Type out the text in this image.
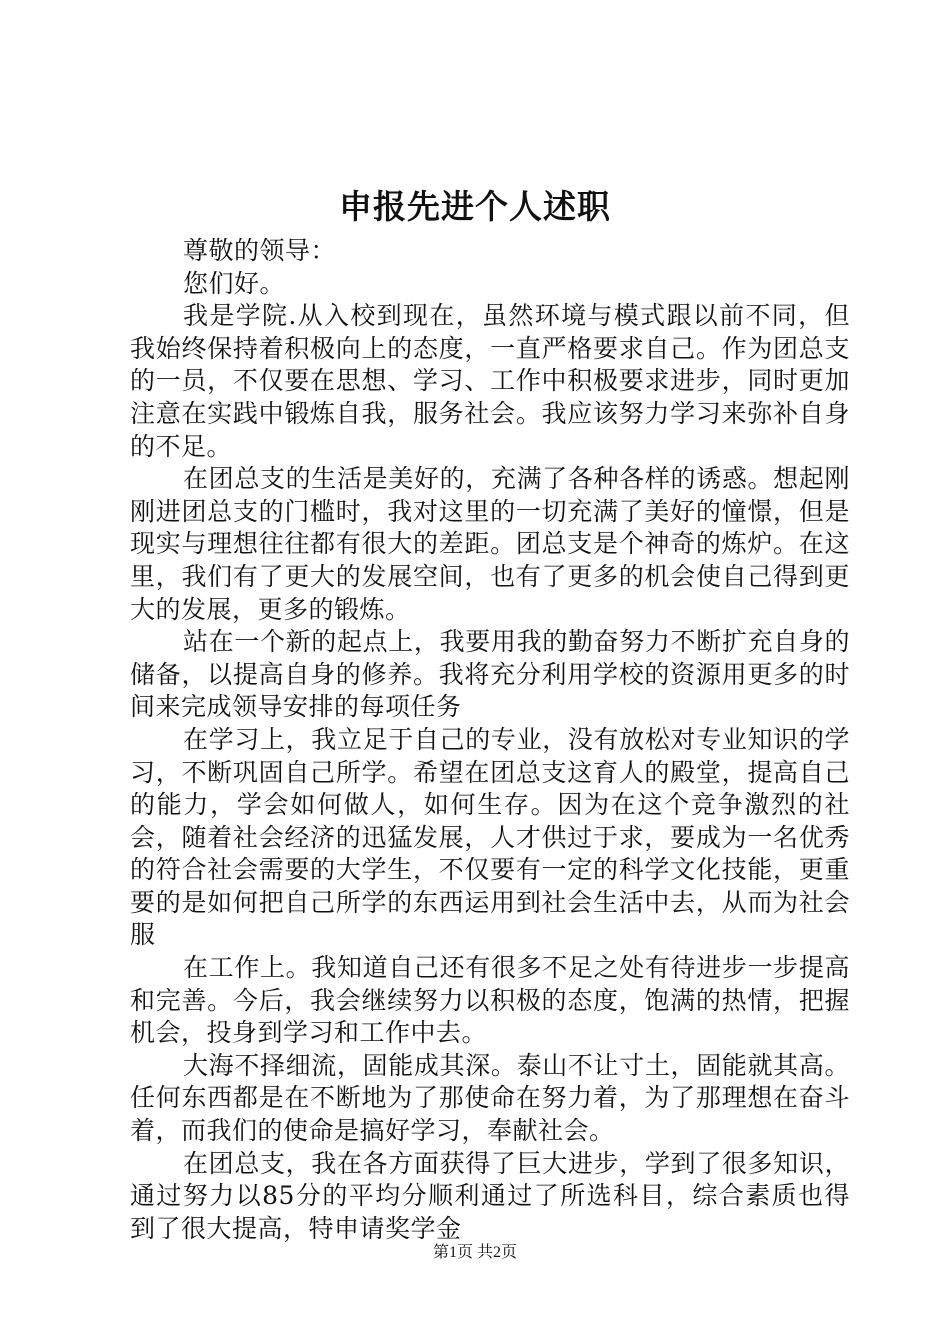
申报先进个人述职

尊敬的领导：

您们好。

我是学院.从入校到现在，虽然环境与模式跟以前不同，但我始终保持着积极向上的态度，一直严格要求自己。作为团总支的一员，不仅要在思想、学习、工作中积极要求进步，同时更加注意在实践中锻炼自我，服务社会。我应该努力学习来弥补自身的不足。

在团总支的生活是美好的，充满了各种各样的诱惑。想起刚刚进团总支的门槛时，我对这里的一切充满了美好的憧憬，但是现实与理想往往都有很大的差距。团总支是个神奇的炼炉。在这里，我们有了更大的发展空间，也有了更多的机会使自己得到更大的发展，更多的锻炼。

站在一个新的起点上，我要用我的勤奋努力不断扩充自身的储备，以提高自身的修养。我将充分利用学校的资源用更多的时间来完成领导安排的每项任务

在学习上，我立足于自己的专业，没有放松对专业知识的学习，不断巩固自己所学。希望在团总支这育人的殿堂，提高自己的能力，学会如何做人，如何生存。因为在这个竞争激烈的社会，随着社会经济的迅猛发展，人才供过于求，要成为一名优秀的符合社会需要的大学生，不仅要有一定的科学文化技能，更重要的是如何把自己所学的东西运用到社会生活中去，从而为社会服

在工作上。我知道自己还有很多不足之处有待进步一步提高和完善。今后，我会继续努力以积极的态度，饱满的热情，把握机会，投身到学习和工作中去。

大海不择细流，固能成其深。泰山不让寸土，固能就其高。任何东西都是在不断地为了那使命在努力着，为了那理想在奋斗着，而我们的使命是搞好学习，奉献社会。

在团总支，我在各方面获得了巨大进步，学到了很多知识，通过努力以85分的平均分顺利通过了所选科目，综合素质也得到了很大提高，特申请奖学金

第1页 共2页
